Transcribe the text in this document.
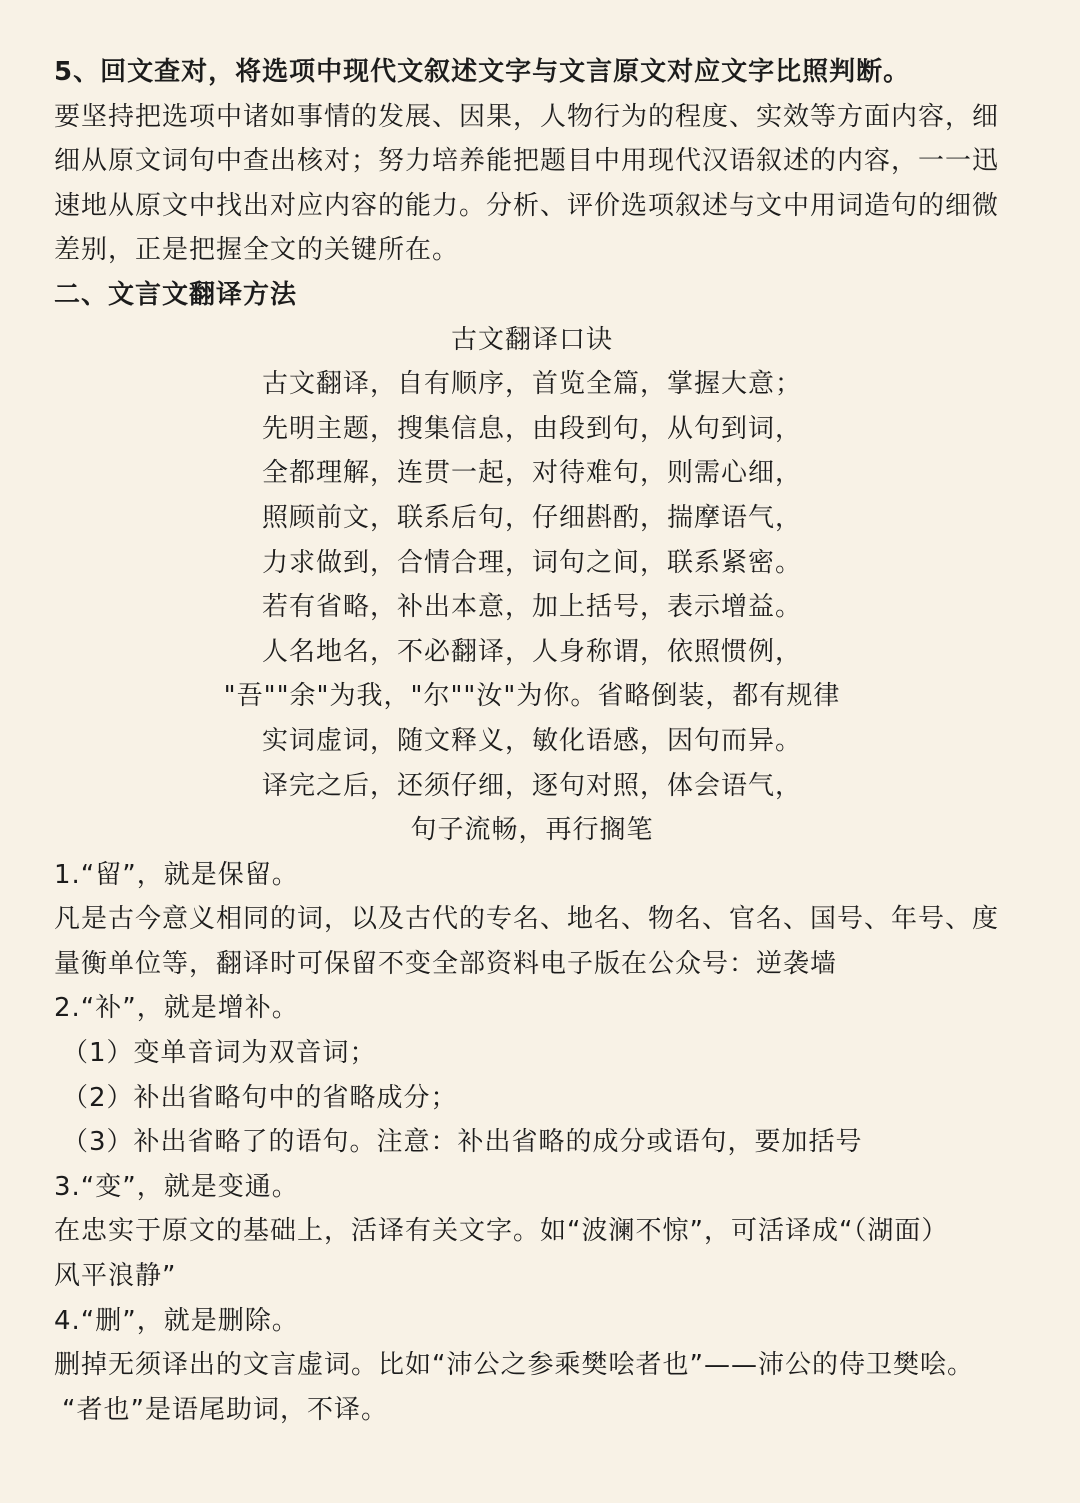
5、回文查对，将选项中现代文叙述文字与文言原文对应文字比照判断。
要坚持把选项中诸如事情的发展、因果，人物行为的程度、实效等方面内容，细
细从原文词句中查出核对；努力培养能把题目中用现代汉语叙述的内容，一一迅
速地从原文中找出对应内容的能力。分析、评价选项叙述与文中用词造句的细微
差别，正是把握全文的关键所在。
二、文言文翻译方法
古文翻译口诀
古文翻译，自有顺序，首览全篇，掌握大意；
先明主题，搜集信息，由段到句，从句到词，
全都理解，连贯一起，对待难句，则需心细，
照顾前文，联系后句，仔细斟酌，揣摩语气，
力求做到，合情合理，词句之间，联系紧密。
若有省略，补出本意，加上括号，表示增益。
人名地名，不必翻译，人身称谓，依照惯例，
"吾""余"为我，"尔""汝"为你。省略倒装，都有规律
实词虚词，随文释义，敏化语感，因句而异。
译完之后，还须仔细，逐句对照，体会语气，
句子流畅，再行搁笔
1.“留”，就是保留。
凡是古今意义相同的词，以及古代的专名、地名、物名、官名、国号、年号、度
量衡单位等，翻译时可保留不变全部资料电子版在公众号：逆袭墙
2.“补”，就是增补。
（1）变单音词为双音词；
（2）补出省略句中的省略成分；
（3）补出省略了的语句。注意：补出省略的成分或语句，要加括号
3.“变”，就是变通。
在忠实于原文的基础上，活译有关文字。如“波澜不惊”，可活译成“（湖面）
风平浪静”
4.“删”，就是删除。
删掉无须译出的文言虚词。比如“沛公之参乘樊哙者也”——沛公的侍卫樊哙。
“者也”是语尾助词，不译。
